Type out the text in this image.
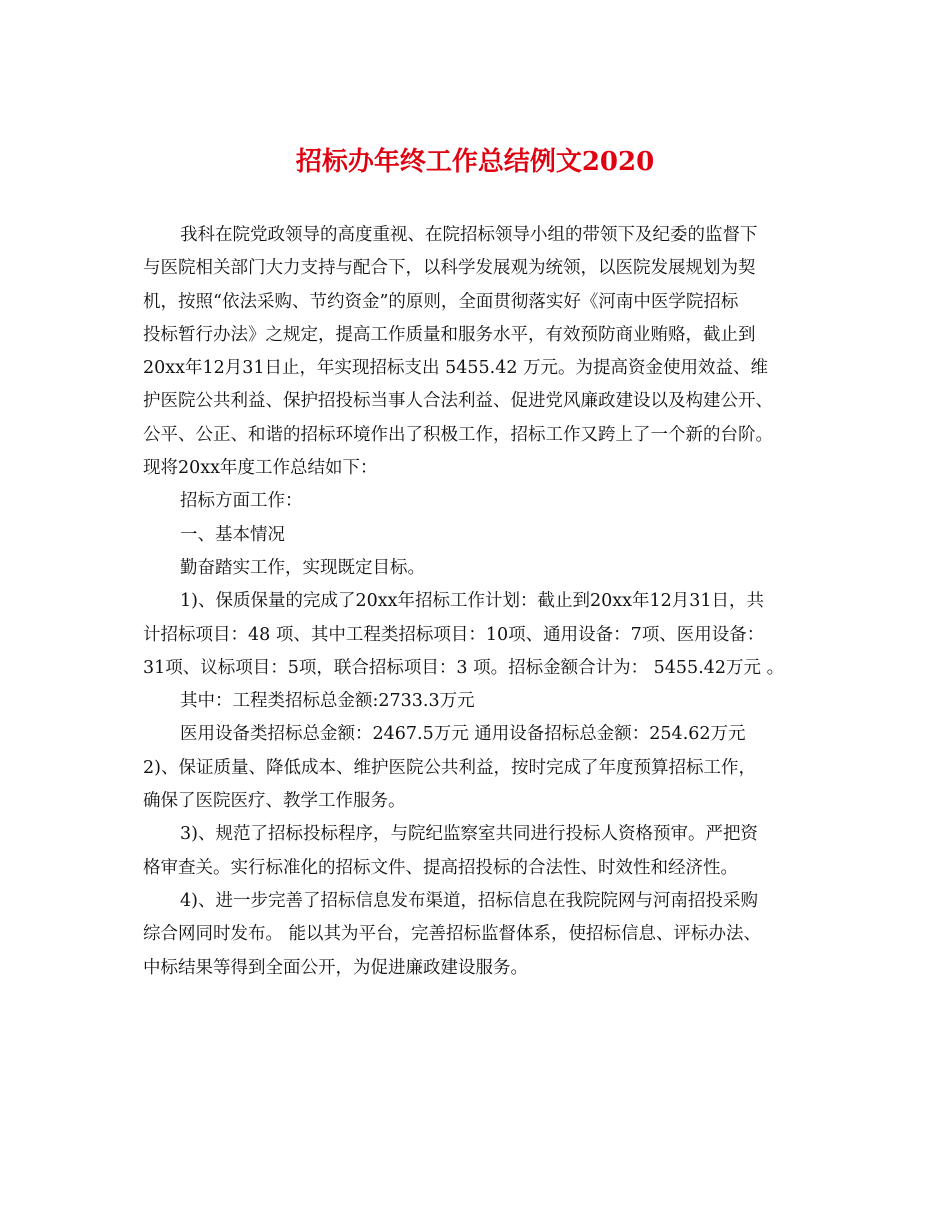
招标办年终工作总结例文2020
我科在院党政领导的高度重视、在院招标领导小组的带领下及纪委的监督下
与医院相关部门大力支持与配合下，以科学发展观为统领，以医院发展规划为契
机，按照“依法采购、节约资金”的原则，全面贯彻落实好《河南中医学院招标
投标暂行办法》之规定，提高工作质量和服务水平，有效预防商业贿赂，截止到
20xx年12月31日止，年实现招标支出 5455.42 万元。为提高资金使用效益、维
护医院公共利益、保护招投标当事人合法利益、促进党风廉政建设以及构建公开、
公平、公正、和谐的招标环境作出了积极工作，招标工作又跨上了一个新的台阶。
现将20xx年度工作总结如下：
招标方面工作：
一、基本情况
勤奋踏实工作，实现既定目标。
1)、保质保量的完成了20xx年招标工作计划：截止到20xx年12月31日，共
计招标项目：48 项、其中工程类招标项目：10项、通用设备：7项、医用设备：
31项、议标项目：5项，联合招标项目：3 项。招标金额合计为： 5455.42万元 。
其中：工程类招标总金额:2733.3万元
医用设备类招标总金额：2467.5万元 通用设备招标总金额：254.62万元
2)、保证质量、降低成本、维护医院公共利益，按时完成了年度预算招标工作，
确保了医院医疗、教学工作服务。
3)、规范了招标投标程序，与院纪监察室共同进行投标人资格预审。严把资
格审查关。实行标准化的招标文件、提高招投标的合法性、时效性和经济性。
4)、进一步完善了招标信息发布渠道，招标信息在我院院网与河南招投采购
综合网同时发布。 能以其为平台，完善招标监督体系，使招标信息、评标办法、
中标结果等得到全面公开，为促进廉政建设服务。
